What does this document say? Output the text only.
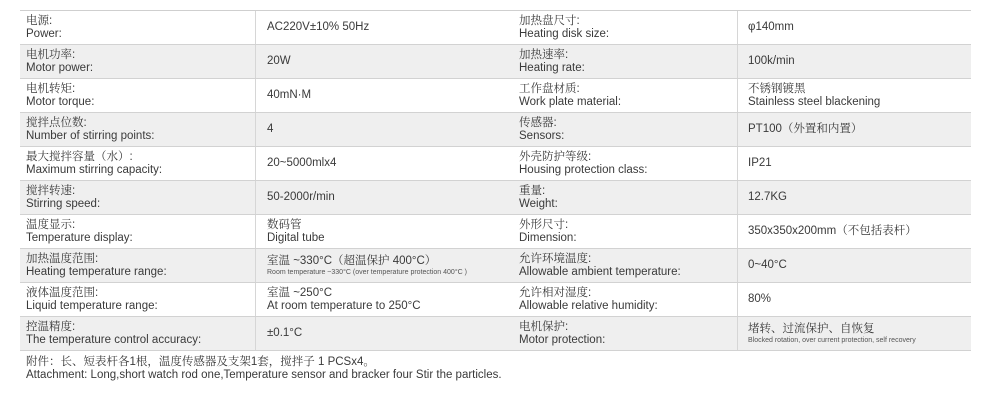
电源:
Power:
AC220V±10% 50Hz
电机功率:
Motor power:
20W
电机转矩:
Motor torque:
40mN·M
搅拌点位数:
Number of stirring points:
4
最大搅拌容量（水）:
Maximum stirring capacity:
20~5000mlx4
搅拌转速:
Stirring speed:
50-2000r/min
温度显示:
Temperature display:
数码管
Digital tube
加热温度范围:
Heating temperature range:
室温 ~330°C（超温保护 400°C）
Room temperature ~330°C (over temperature protection 400°C )
液体温度范围:
Liquid temperature range:
室温 ~250°C
At room temperature to 250°C
控温精度:
The temperature control accuracy:
±0.1°C
加热盘尺寸:
Heating disk size:
φ140mm
加热速率:
Heating rate:
100k/min
工作盘材质:
Work plate material:
不锈钢镀黑
Stainless steel blackening
传感器:
Sensors:
PT100（外置和内置）
外壳防护等级:
Housing protection class:
IP21
重量:
Weight:
12.7KG
外形尺寸:
Dimension:
350x350x200mm（不包括表杆）
允许环境温度:
Allowable ambient temperature:
0~40°C
允许相对湿度:
Allowable relative humidity:
80%
电机保护:
Motor protection:
堵转、过流保护、自恢复
Blocked rotation, over current protection, self recovery
附件：长、短表杆各1根，温度传感器及支架1套，搅拌子 1 PCSx4。
Attachment: Long,short watch rod one,Temperature sensor and bracker four Stir the particles.
